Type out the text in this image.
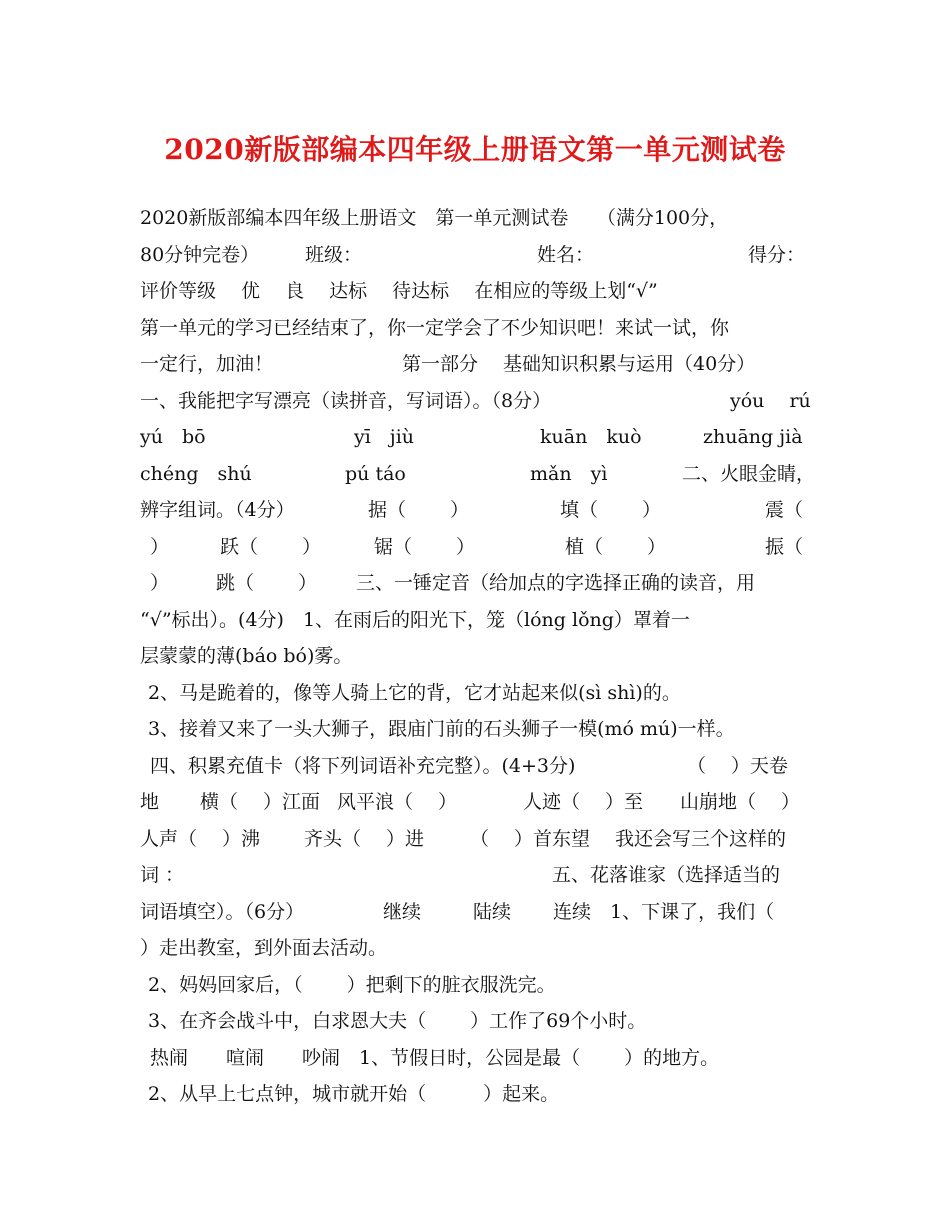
2020新版部编本四年级上册语文第一单元测试卷
2020新版部编本四年级上册语文　第一单元测试卷　　（满分100分，
80分钟完卷） 班级：	姓名：	得分：
评价等级　 优　 良　 达标　 待达标　 在相应的等级上划“√”
第一单元的学习已经结束了，你一定学会了不少知识吧！来试一试，你
一定行，加油！	第一部分　 基础知识积累与运用（40分）
一、我能把字写漂亮（读拼音，写词语）。（8分）	yóu　 rú
yú　bō	yī　jiù	kuān　kuò	zhuāng jià
chéng　shú	pú táo	mǎn　yì	二、火眼金睛，
辨字组词。（4分）	据（　　 ）	填（　　 ）	震（
）	跃（　　 ）	锯（　　 ）	植（　　 ）	振（
） 跳（　　 ） 三、一锤定音（给加点的字选择正确的读音，用
“√”标出）。(4分)　1、在雨后的阳光下，笼（lóng lǒng）罩着一
层蒙蒙的薄(báo bó)雾。
2、马是跪着的，像等人骑上它的背，它才站起来似(sì shì)的。
3、接着又来了一头大狮子，跟庙门前的石头狮子一模(mó mú)一样。
四、积累充值卡（将下列词语补充完整）。(4+3分)	（　 ）天卷
地 横（　 ）江面 风平浪（　 ）	人迹（　 ）至 山崩地（　 ）
人声（　 ）沸 齐头（　 ）进 （　 ）首东望 我还会写三个这样的
词 ：	五、花落谁家（选择适当的
词语填空）。（6分）	继续	陆续 连续　1、下课了，我们（
）走出教室，到外面去活动。
2、妈妈回家后，（　　 ）把剩下的脏衣服洗完。
3、在齐会战斗中，白求恩大夫（　　 ）工作了69个小时。
热闹　　喧闹　　吵闹　1、节假日时，公园是最（　　 ）的地方。
2、从早上七点钟，城市就开始（　　　）起来。
